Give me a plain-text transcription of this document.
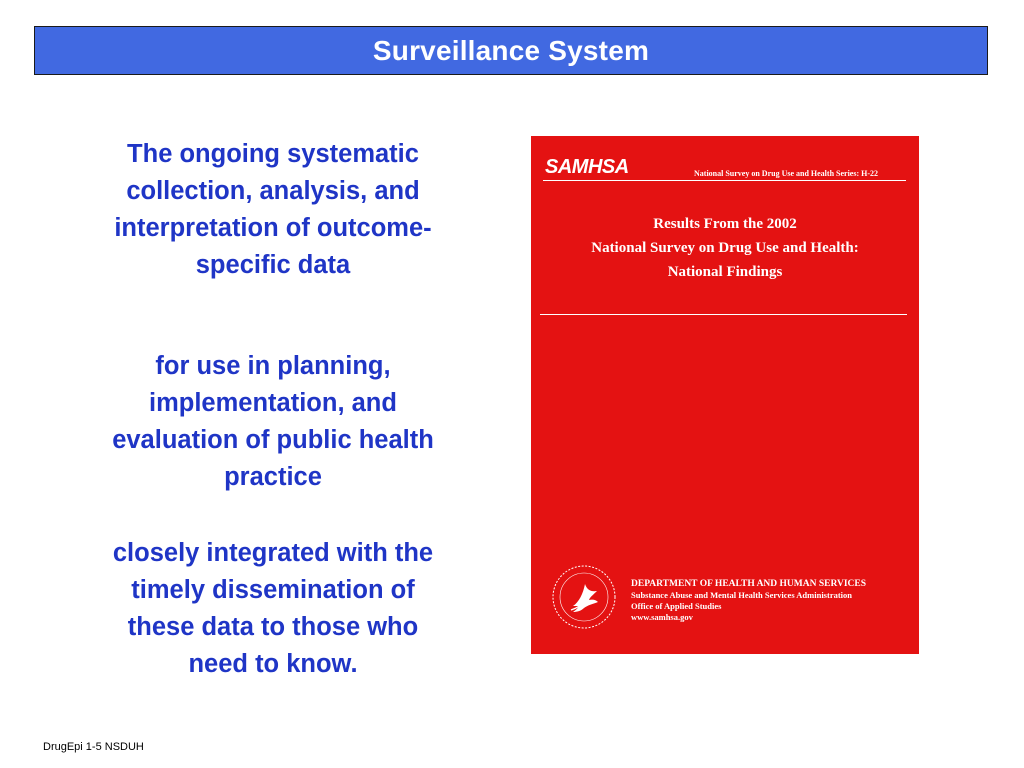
Surveillance System
The ongoing systematic collection, analysis, and interpretation of outcome-specific data
for use in planning, implementation, and evaluation of public health practice
closely integrated with the timely dissemination of these data to those who need to know.
SAMHSA	National Survey on Drug Use and Health Series: H-22
Results From the 2002
National Survey on Drug Use and Health:
National Findings
DEPARTMENT OF HEALTH AND HUMAN SERVICES
Substance Abuse and Mental Health Services Administration
Office of Applied Studies
www.samhsa.gov
DrugEpi 1-5 NSDUH
